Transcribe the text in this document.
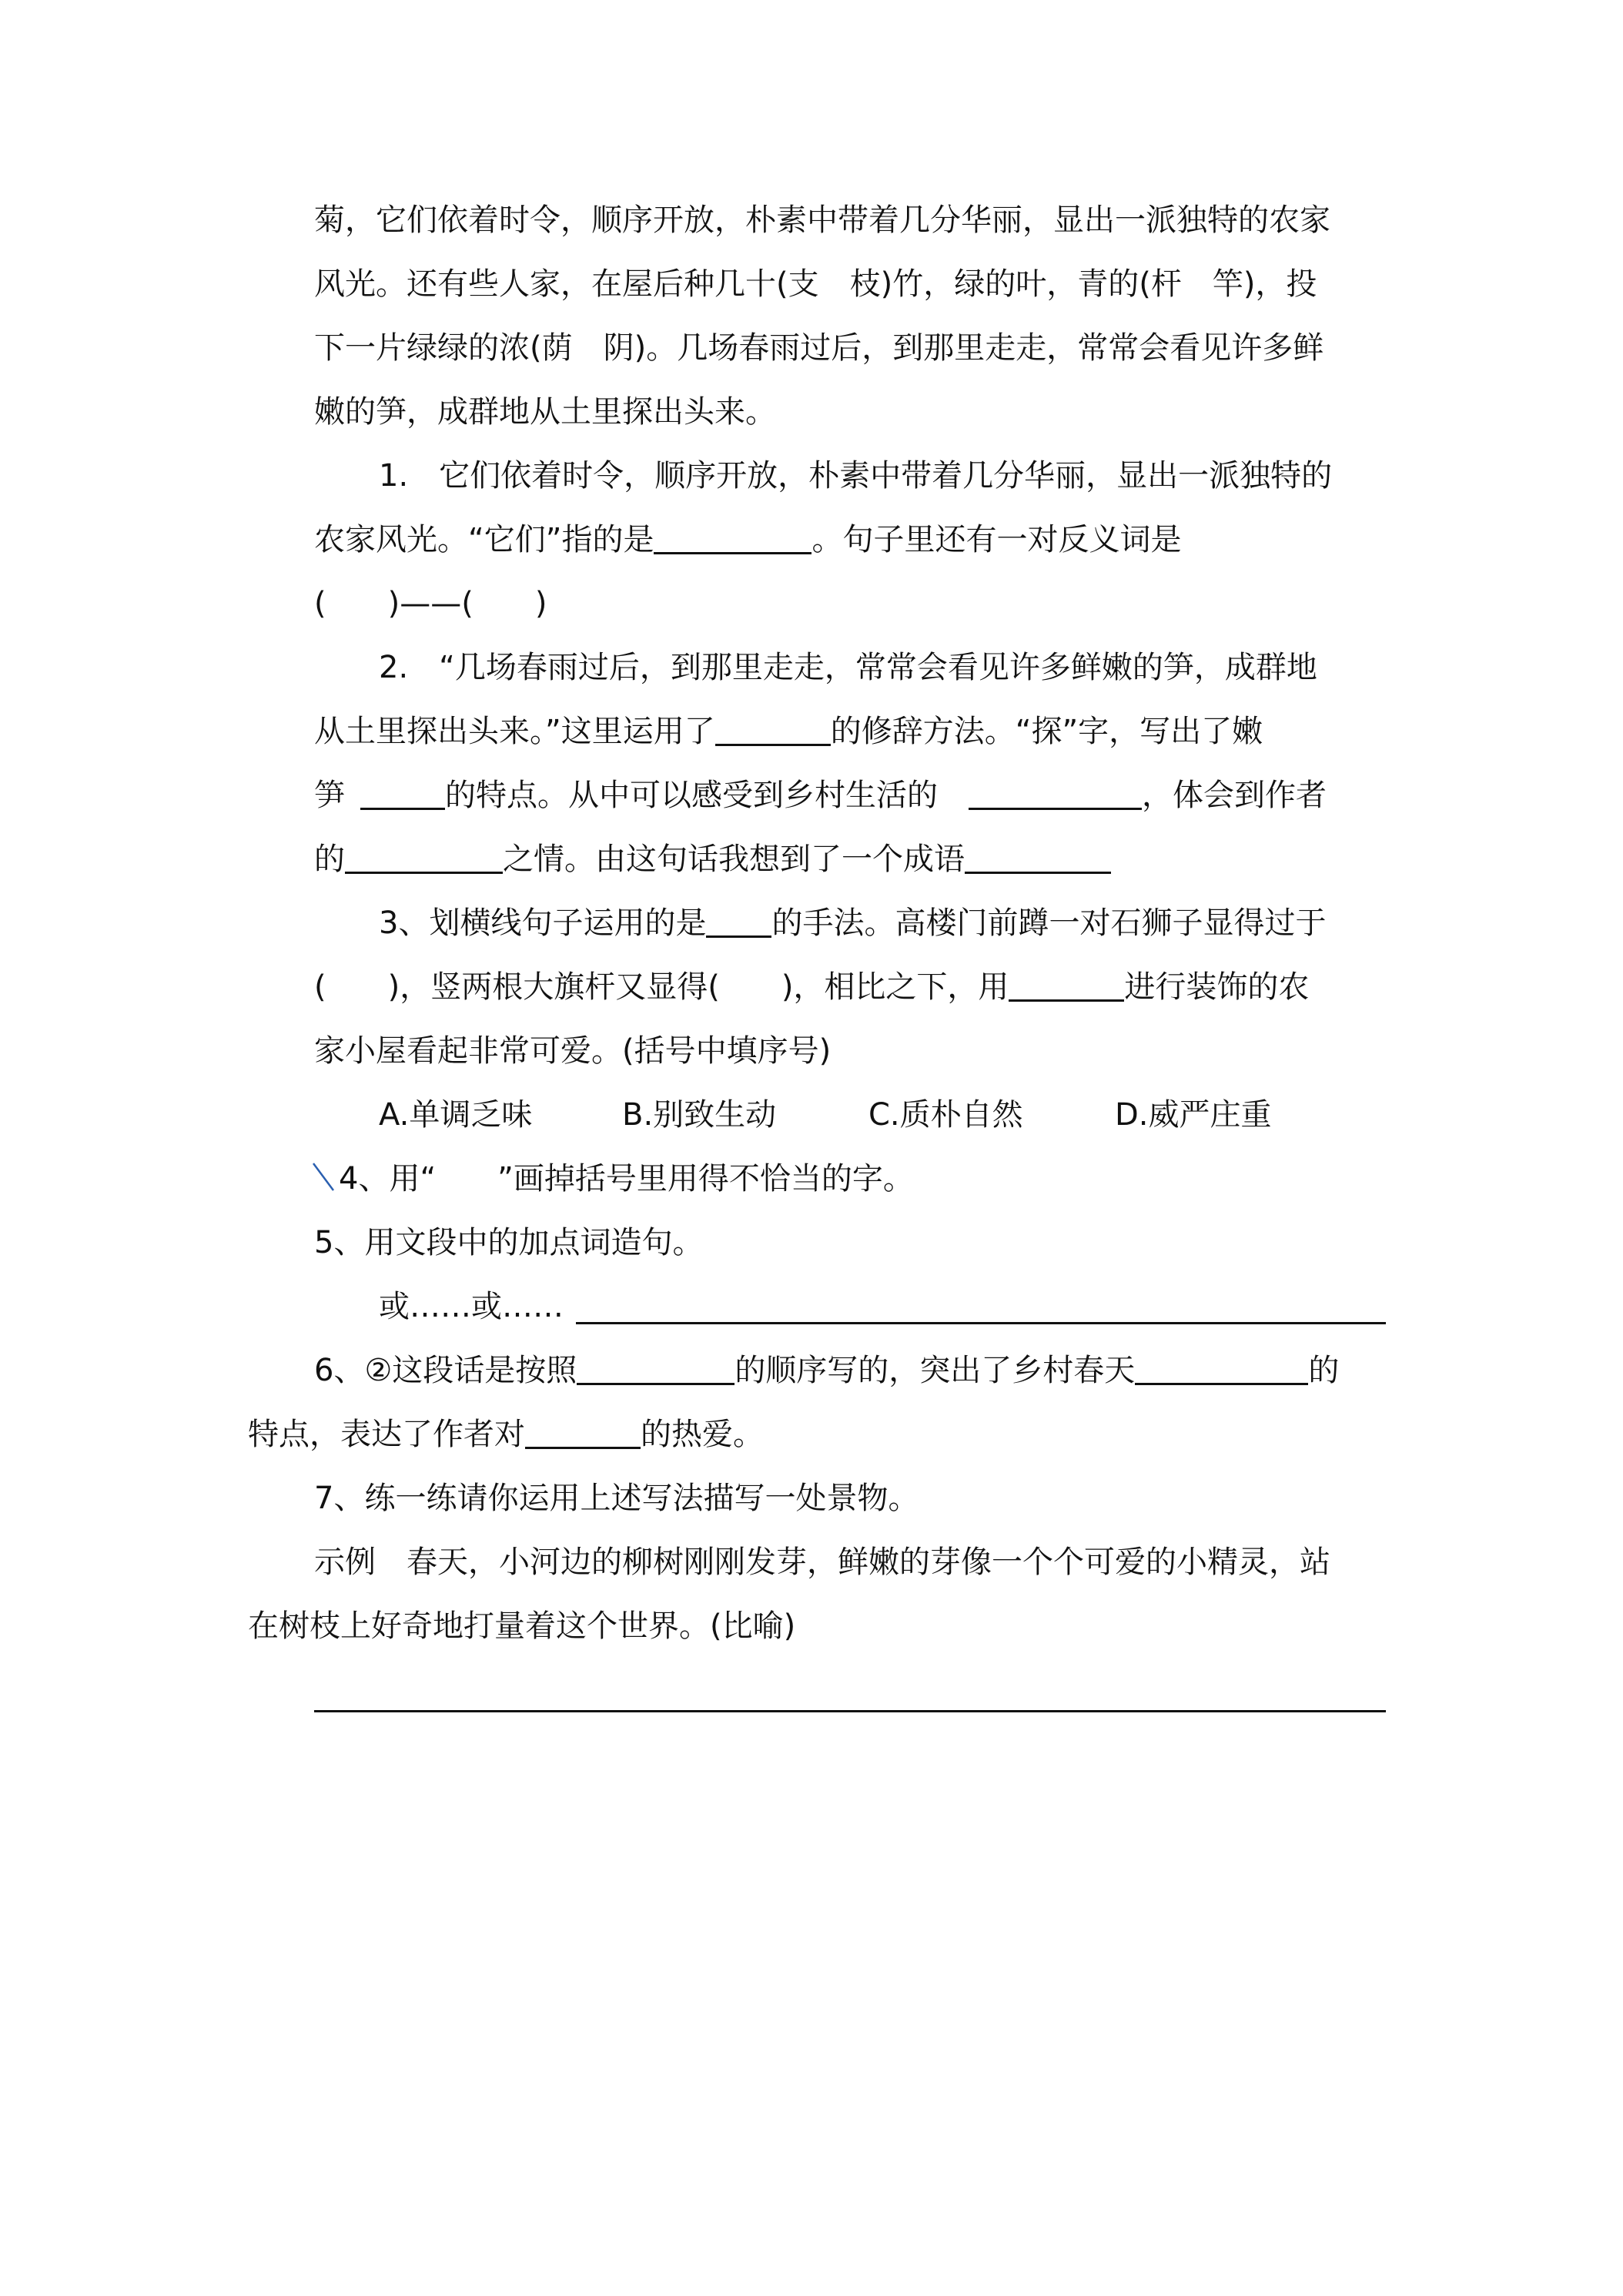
菊，它们依着时令，顺序开放，朴素中带着几分华丽，显出一派独特的农家

风光。还有些人家，在屋后种几十(支　枝)竹，绿的叶，青的(杆　竿)，投

下一片绿绿的浓(荫　阴)。几场春雨过后，到那里走走，常常会看见许多鲜

嫩的笋，成群地从土里探出头来。

1.　它们依着时令，顺序开放，朴素中带着几分华丽，显出一派独特的

农家风光。“它们”指的是	。句子里还有一对反义词是

(　　)——(　　)

2.　“几场春雨过后，到那里走走，常常会看见许多鲜嫩的笋，成群地

从土里探出头来。”这里运用了	的修辞方法。“探”字，写出了嫩

笋	的特点。从中可以感受到乡村生活的	，体会到作者

的	之情。由这句话我想到了一个成语

3、划横线句子运用的是 的手法。高楼门前蹲一对石狮子显得过于

(　　)，竖两根大旗杆又显得(　　)，相比之下，用	进行装饰的农

家小屋看起非常可爱。(括号中填序号)

A.单调乏味	B.别致生动	C.质朴自然	D.威严庄重

4、用“　　”画掉括号里用得不恰当的字。

5、用文段中的加点词造句。

或……或……

6、②这段话是按照	的顺序写的，突出了乡村春天	的

特点，表达了作者对	的热爱。

7、练一练请你运用上述写法描写一处景物。

示例　春天，小河边的柳树刚刚发芽，鲜嫩的芽像一个个可爱的小精灵，站

在树枝上好奇地打量着这个世界。(比喻)
